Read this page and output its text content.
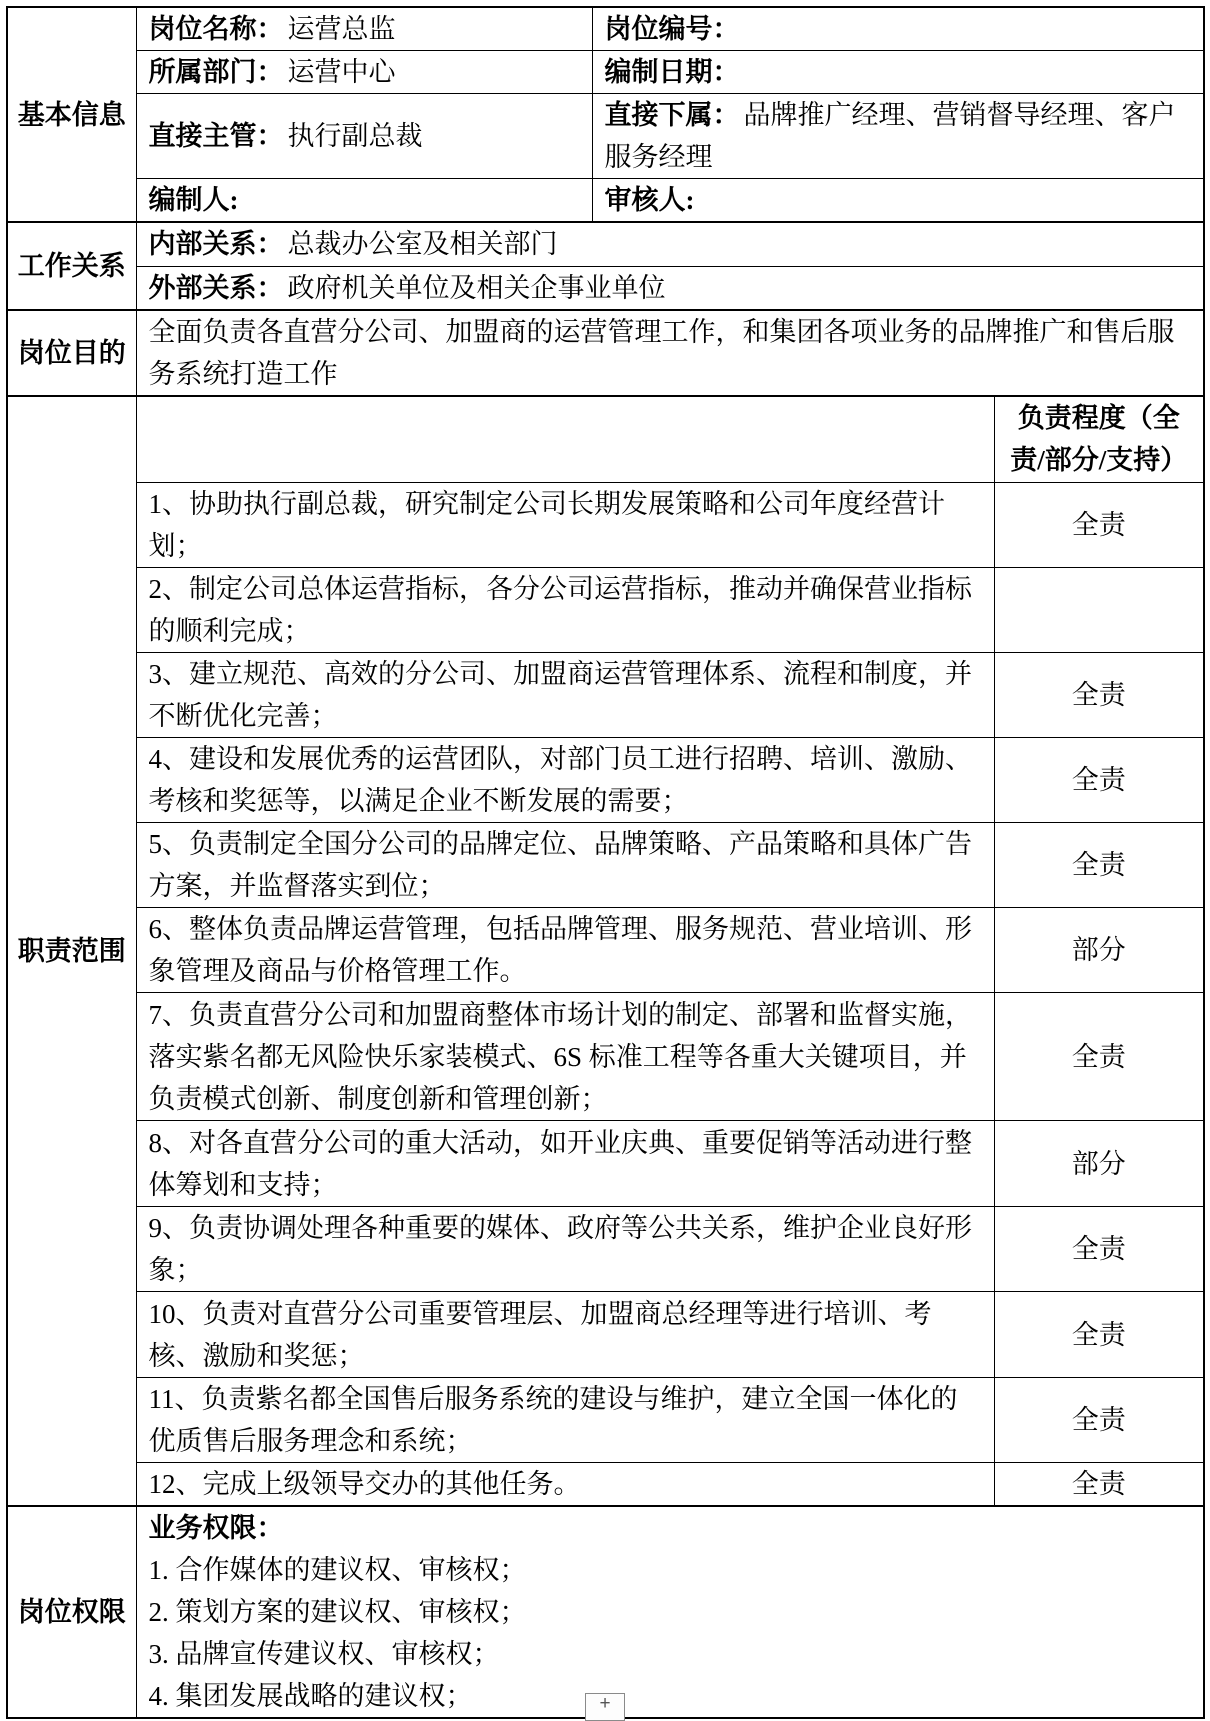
基本信息	岗位名称： 运营总监	岗位编号：	
	所属部门： 运营中心	编制日期：	
	直接主管： 执行副总裁	直接下属： 品牌推广经理、营销督导经理、客户服务经理	
	编制人:	审核人:	
工作关系	内部关系： 总裁办公室及相关部门		
	外部关系： 政府机关单位及相关企事业单位		
岗位目的	全面负责各直营分公司、加盟商的运营管理工作，和集团各项业务的品牌推广和售后服务系统打造工作		
职责范围			负责程度（全责/部分/支持）
	1、协助执行副总裁，研究制定公司长期发展策略和公司年度经营计划；		全责
	2、制定公司总体运营指标，各分公司运营指标，推动并确保营业指标的顺利完成；		
	3、建立规范、高效的分公司、加盟商运营管理体系、流程和制度，并不断优化完善；		全责
	4、建设和发展优秀的运营团队，对部门员工进行招聘、培训、激励、考核和奖惩等，以满足企业不断发展的需要；		全责
	5、负责制定全国分公司的品牌定位、品牌策略、产品策略和具体广告方案，并监督落实到位；		全责
	6、整体负责品牌运营管理，包括品牌管理、服务规范、营业培训、形象管理及商品与价格管理工作。		部分
	7、负责直营分公司和加盟商整体市场计划的制定、部署和监督实施，落实紫名都无风险快乐家装模式、6S 标准工程等各重大关键项目，并负责模式创新、制度创新和管理创新；		全责
	8、对各直营分公司的重大活动，如开业庆典、重要促销等活动进行整体筹划和支持；		部分
	9、负责协调处理各种重要的媒体、政府等公共关系，维护企业良好形象；		全责
	10、负责对直营分公司重要管理层、加盟商总经理等进行培训、考核、激励和奖惩；		全责
	11、负责紫名都全国售后服务系统的建设与维护，建立全国一体化的优质售后服务理念和系统；		全责
	12、完成上级领导交办的其他任务。		全责
岗位权限	业务权限：
1. 合作媒体的建议权、审核权；
2. 策划方案的建议权、审核权；
3. 品牌宣传建议权、审核权；
4. 集团发展战略的建议权；			+
